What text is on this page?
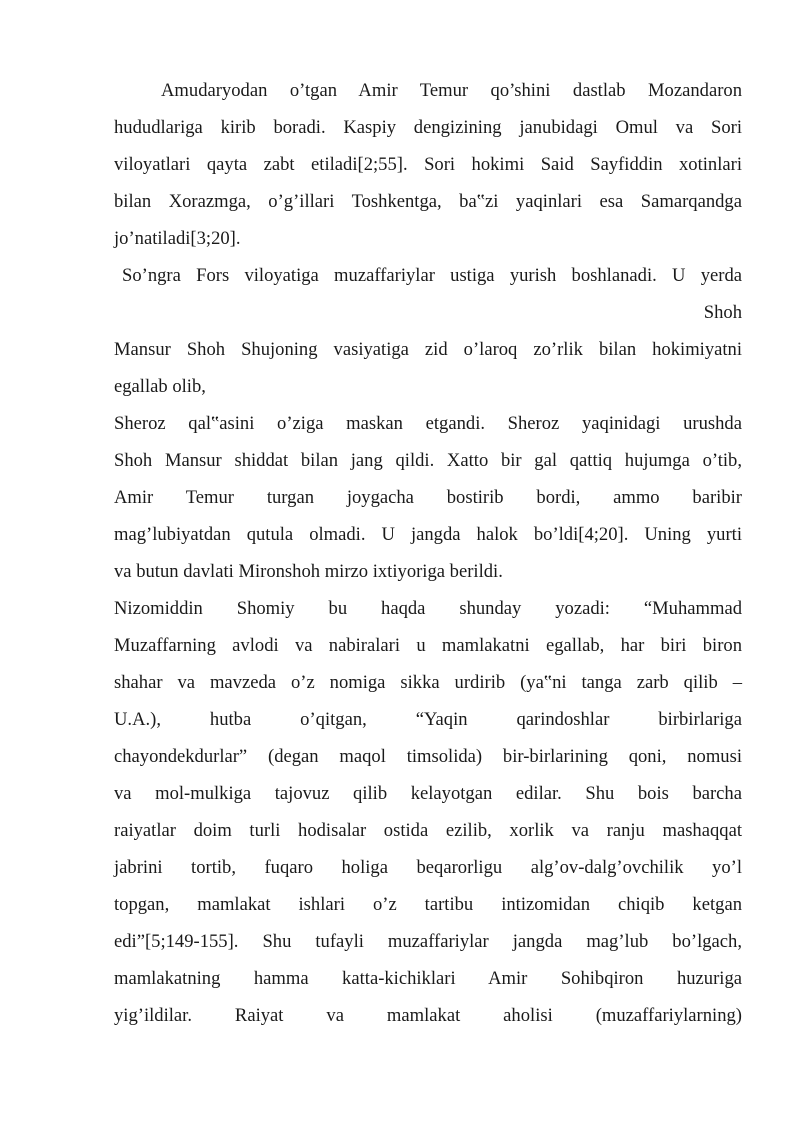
Amudaryodan o’tgan Amir Temur qo’shini dastlab Mozandaron
hududlariga kirib boradi. Kaspiy dengizining janubidagi Omul va Sori
viloyatlari qayta zabt etiladi[2;55]. Sori hokimi Said Sayfiddin xotinlari
bilan Xorazmga, o’g’illari Toshkentga, ba‟zi yaqinlari esa Samarqandga
jo’natiladi[3;20].
So’ngra Fors viloyatiga muzaffariylar ustiga yurish boshlanadi. U yerda
Shoh
Mansur Shoh Shujoning vasiyatiga zid o’laroq zo’rlik bilan hokimiyatni
egallab olib,
Sheroz qal‟asini o’ziga maskan etgandi. Sheroz yaqinidagi urushda
Shoh Mansur shiddat bilan jang qildi. Xatto bir gal qattiq hujumga o’tib,
Amir Temur turgan joygacha bostirib bordi, ammo baribir
mag’lubiyatdan qutula olmadi. U jangda halok bo’ldi[4;20]. Uning yurti
va butun davlati Mironshoh mirzo ixtiyoriga berildi.
Nizomiddin Shomiy bu haqda shunday yozadi: “Muhammad
Muzaffarning avlodi va nabiralari u mamlakatni egallab, har biri biron
shahar va mavzeda o’z nomiga sikka urdirib (ya‟ni tanga zarb qilib –
U.A.), hutba o’qitgan, “Yaqin qarindoshlar birbirlariga
chayondekdurlar” (degan maqol timsolida) bir-birlarining qoni, nomusi
va mol-mulkiga tajovuz qilib kelayotgan edilar. Shu bois barcha
raiyatlar doim turli hodisalar ostida ezilib, xorlik va ranju mashaqqat
jabrini tortib, fuqaro holiga beqarorligu alg’ov-dalg’ovchilik yo’l
topgan, mamlakat ishlari o’z tartibu intizomidan chiqib ketgan
edi”[5;149-155]. Shu tufayli muzaffariylar jangda mag’lub bo’lgach,
mamlakatning hamma katta-kichiklari Amir Sohibqiron huzuriga
yig’ildilar. Raiyat va mamlakat aholisi (muzaffariylarning)
